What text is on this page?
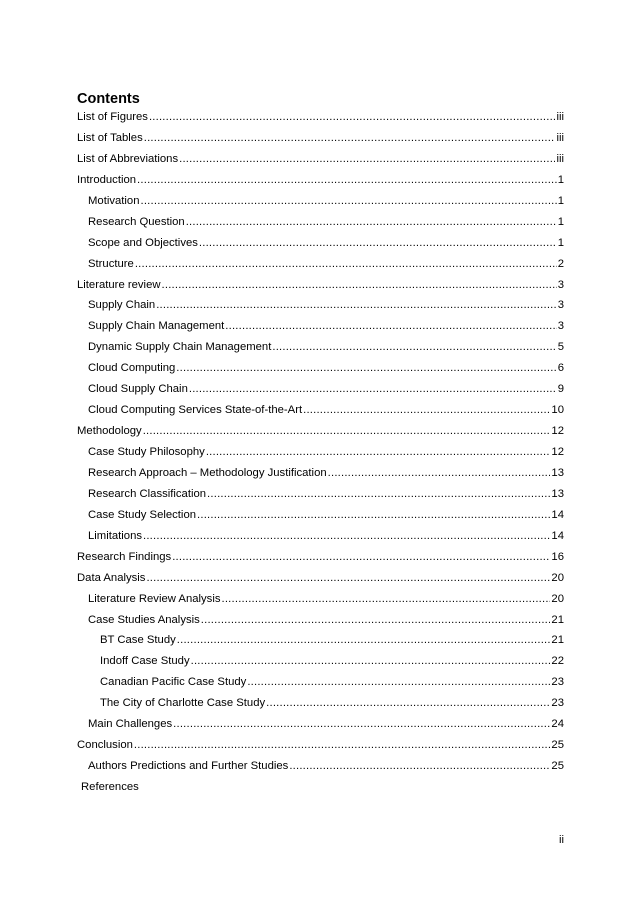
Contents
List of Figures .....	iii
List of Tables .....	iii
List of Abbreviations .....	iii
Introduction .....	1
Motivation .....	1
Research Question .....	1
Scope and Objectives .....	1
Structure .....	2
Literature review .....	3
Supply Chain .....	3
Supply Chain Management .....	3
Dynamic Supply Chain Management .....	5
Cloud Computing .....	6
Cloud Supply Chain .....	9
Cloud Computing Services State-of-the-Art .....	10
Methodology .....	12
Case Study Philosophy .....	12
Research Approach – Methodology Justification .....	13
Research Classification .....	13
Case Study Selection .....	14
Limitations .....	14
Research Findings .....	16
Data Analysis .....	20
Literature Review Analysis .....	20
Case Studies Analysis .....	21
BT Case Study .....	21
Indoff Case Study .....	22
Canadian Pacific Case Study .....	23
The City of Charlotte Case Study .....	23
Main Challenges .....	24
Conclusion .....	25
Authors Predictions and Further Studies .....	25
References
ii
